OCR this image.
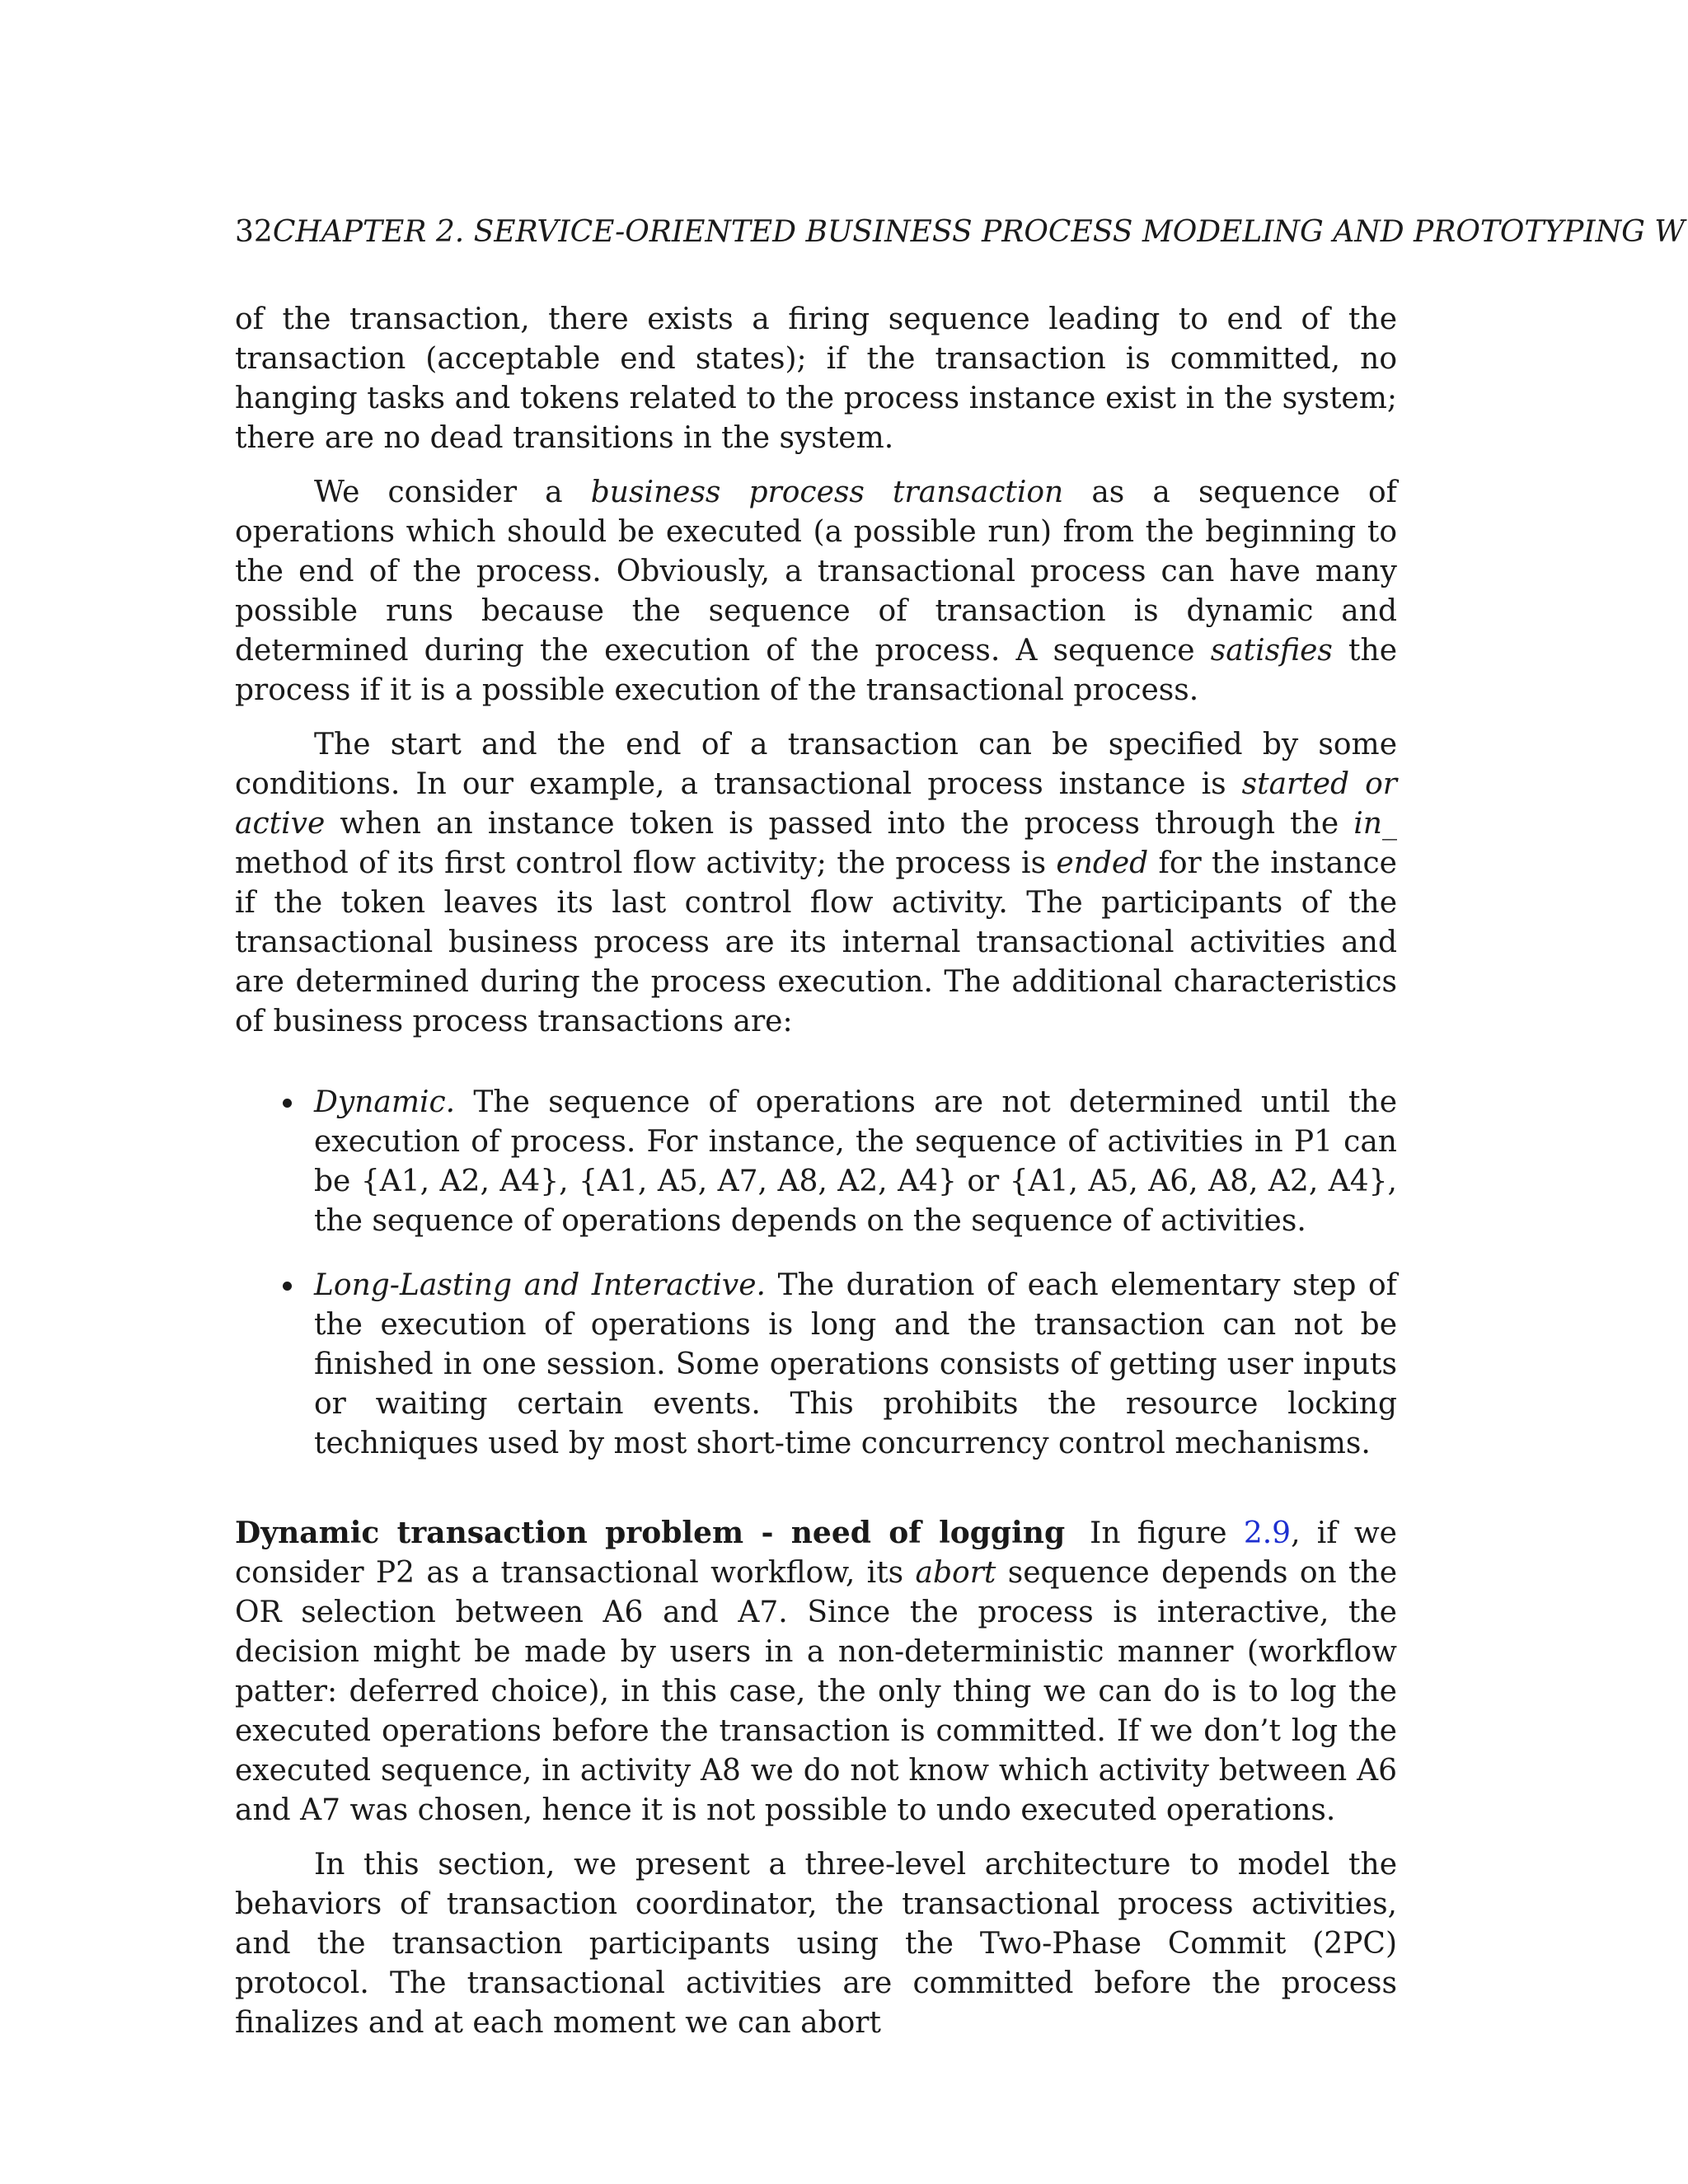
32CHAPTER 2. SERVICE-ORIENTED BUSINESS PROCESS MODELING AND PROTOTYPING W

of the transaction, there exists a firing sequence leading to end of the transaction (acceptable end states); if the transaction is committed, no hanging tasks and tokens related to the process instance exist in the system; there are no dead transitions in the system.

We consider a business process transaction as a sequence of operations which should be executed (a possible run) from the beginning to the end of the process. Obviously, a transactional process can have many possible runs because the sequence of transaction is dynamic and determined during the execution of the process. A sequence satisfies the process if it is a possible execution of the transactional process.

The start and the end of a transaction can be specified by some conditions. In our example, a transactional process instance is started or active when an instance token is passed into the process through the in_ method of its first control flow activity; the process is ended for the instance if the token leaves its last control flow activity. The participants of the transactional business process are its internal transactional activities and are determined during the process execution. The additional characteristics of business process transactions are:

Dynamic. The sequence of operations are not determined until the execution of process. For instance, the sequence of activities in P1 can be {A1, A2, A4}, {A1, A5, A7, A8, A2, A4} or {A1, A5, A6, A8, A2, A4}, the sequence of operations depends on the sequence of activities.
Long-Lasting and Interactive. The duration of each elementary step of the execution of operations is long and the transaction can not be finished in one session. Some operations consists of getting user inputs or waiting certain events. This prohibits the resource locking techniques used by most short-time concurrency control mechanisms.

Dynamic transaction problem - need of logging In figure 2.9, if we consider P2 as a transactional workflow, its abort sequence depends on the OR selection between A6 and A7. Since the process is interactive, the decision might be made by users in a non-deterministic manner (workflow patter: deferred choice), in this case, the only thing we can do is to log the executed operations before the transaction is committed. If we don’t log the executed sequence, in activity A8 we do not know which activity between A6 and A7 was chosen, hence it is not possible to undo executed operations.

In this section, we present a three-level architecture to model the behaviors of transaction coordinator, the transactional process activities, and the transaction participants using the Two-Phase Commit (2PC) protocol. The transactional activities are committed before the process finalizes and at each moment we can abort
